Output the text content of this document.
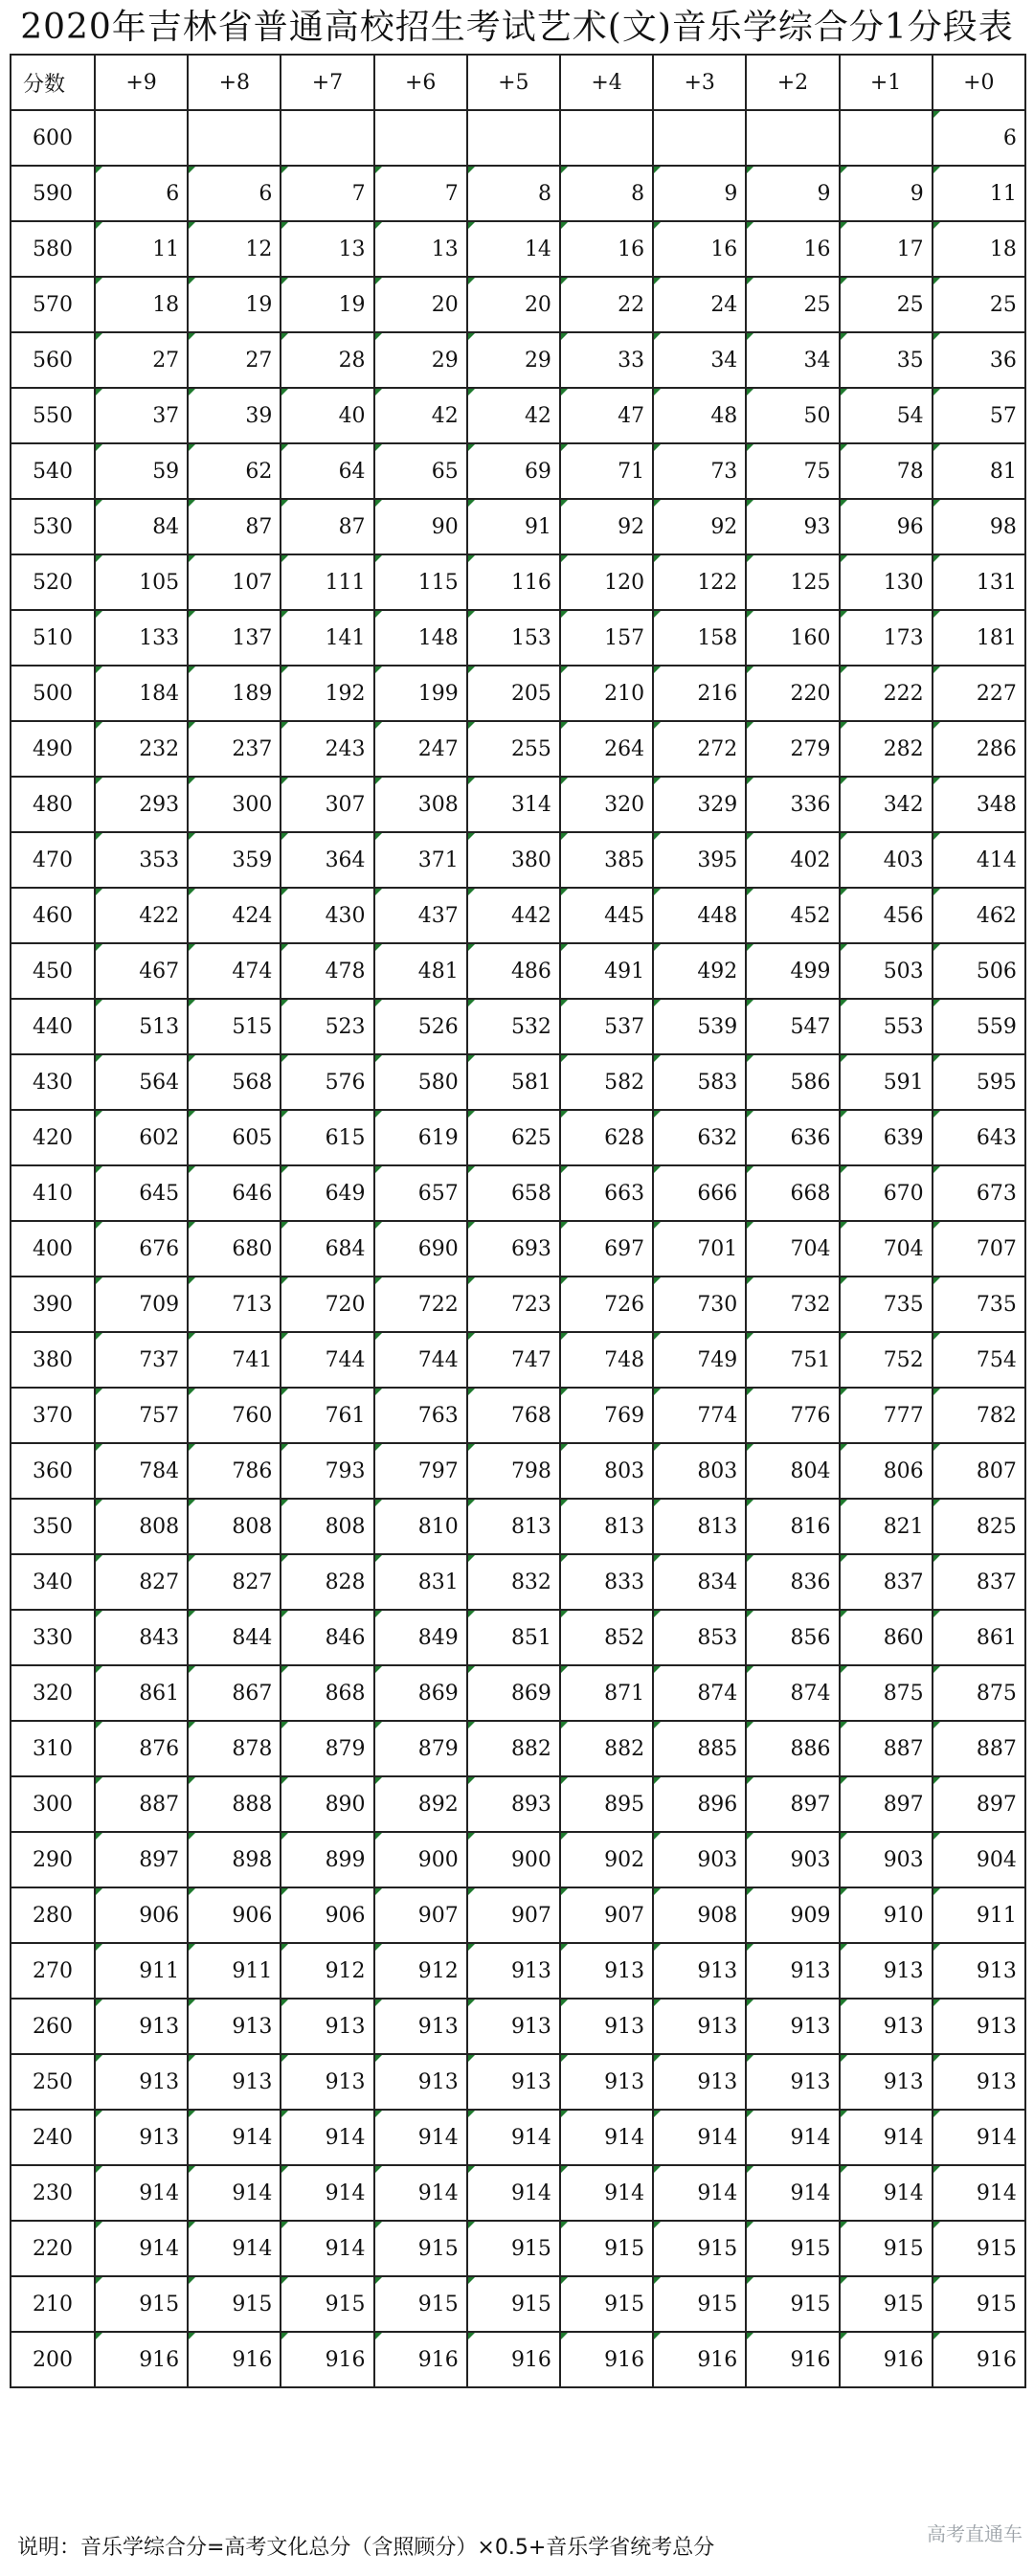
2020年吉林省普通高校招生考试艺术(文)音乐学综合分1分段表
分数	+9	+8	+7	+6	+5	+4	+3	+2	+1	+0
600										6

590	6	6	7	7	8	8	9	9	9	11

580	11	12	13	13	14	16	16	16	17	18

570	18	19	19	20	20	22	24	25	25	25

560	27	27	28	29	29	33	34	34	35	36

550	37	39	40	42	42	47	48	50	54	57

540	59	62	64	65	69	71	73	75	78	81

530	84	87	87	90	91	92	92	93	96	98

520	105	107	111	115	116	120	122	125	130	131

510	133	137	141	148	153	157	158	160	173	181

500	184	189	192	199	205	210	216	220	222	227

490	232	237	243	247	255	264	272	279	282	286

480	293	300	307	308	314	320	329	336	342	348

470	353	359	364	371	380	385	395	402	403	414

460	422	424	430	437	442	445	448	452	456	462

450	467	474	478	481	486	491	492	499	503	506

440	513	515	523	526	532	537	539	547	553	559

430	564	568	576	580	581	582	583	586	591	595

420	602	605	615	619	625	628	632	636	639	643

410	645	646	649	657	658	663	666	668	670	673

400	676	680	684	690	693	697	701	704	704	707

390	709	713	720	722	723	726	730	732	735	735

380	737	741	744	744	747	748	749	751	752	754

370	757	760	761	763	768	769	774	776	777	782

360	784	786	793	797	798	803	803	804	806	807

350	808	808	808	810	813	813	813	816	821	825

340	827	827	828	831	832	833	834	836	837	837

330	843	844	846	849	851	852	853	856	860	861

320	861	867	868	869	869	871	874	874	875	875

310	876	878	879	879	882	882	885	886	887	887

300	887	888	890	892	893	895	896	897	897	897

290	897	898	899	900	900	902	903	903	903	904

280	906	906	906	907	907	907	908	909	910	911

270	911	911	912	912	913	913	913	913	913	913

260	913	913	913	913	913	913	913	913	913	913

250	913	913	913	913	913	913	913	913	913	913

240	913	914	914	914	914	914	914	914	914	914

230	914	914	914	914	914	914	914	914	914	914

220	914	914	914	915	915	915	915	915	915	915

210	915	915	915	915	915	915	915	915	915	915

200	916	916	916	916	916	916	916	916	916	916
说明：音乐学综合分=高考文化总分（含照顾分）×0.5+音乐学省统考总分
高考直通车
